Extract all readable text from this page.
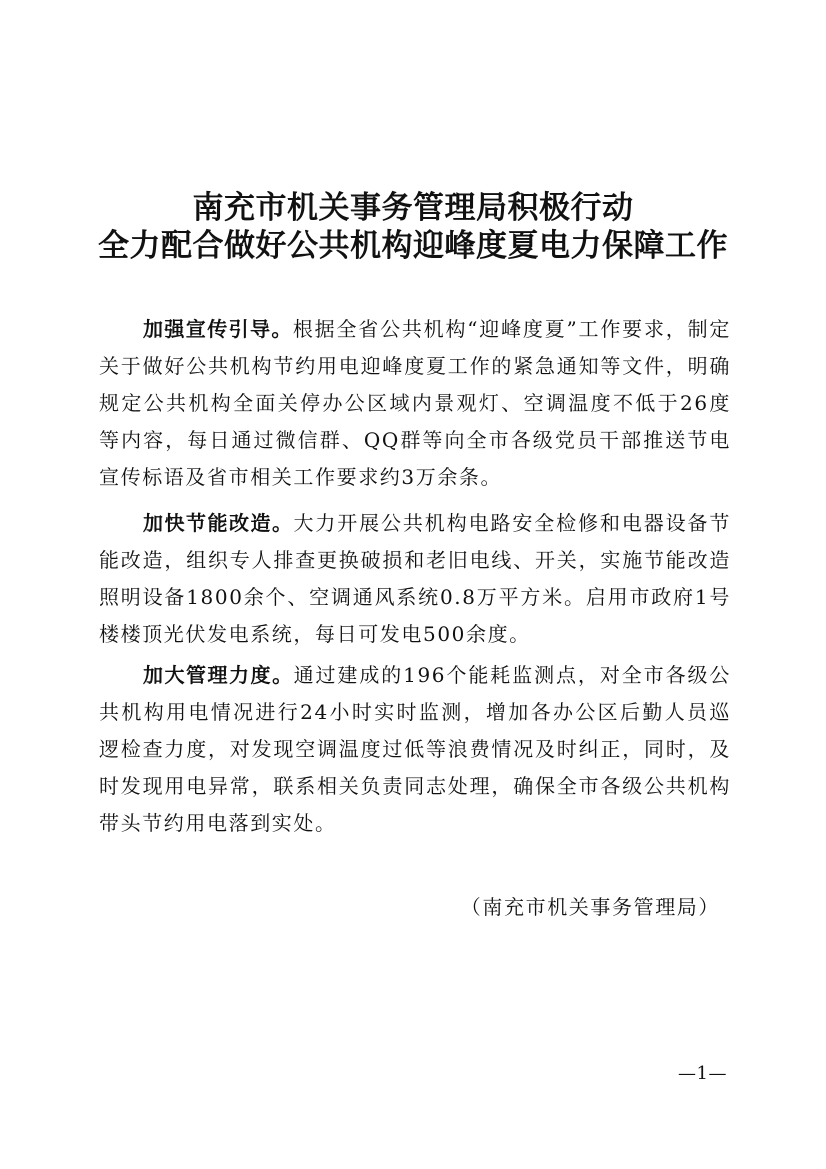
南充市机关事务管理局积极行动
全力配合做好公共机构迎峰度夏电力保障工作

加强宣传引导。根据全省公共机构“迎峰度夏”工作要求，制定关于做好公共机构节约用电迎峰度夏工作的紧急通知等文件，明确规定公共机构全面关停办公区域内景观灯、空调温度不低于26度等内容，每日通过微信群、QQ群等向全市各级党员干部推送节电宣传标语及省市相关工作要求约3万余条。

加快节能改造。大力开展公共机构电路安全检修和电器设备节能改造，组织专人排查更换破损和老旧电线、开关，实施节能改造照明设备1800余个、空调通风系统0.8万平方米。启用市政府1号楼楼顶光伏发电系统，每日可发电500余度。

加大管理力度。通过建成的196个能耗监测点，对全市各级公共机构用电情况进行24小时实时监测，增加各办公区后勤人员巡逻检查力度，对发现空调温度过低等浪费情况及时纠正，同时，及时发现用电异常，联系相关负责同志处理，确保全市各级公共机构带头节约用电落到实处。

（南充市机关事务管理局）

—1—
